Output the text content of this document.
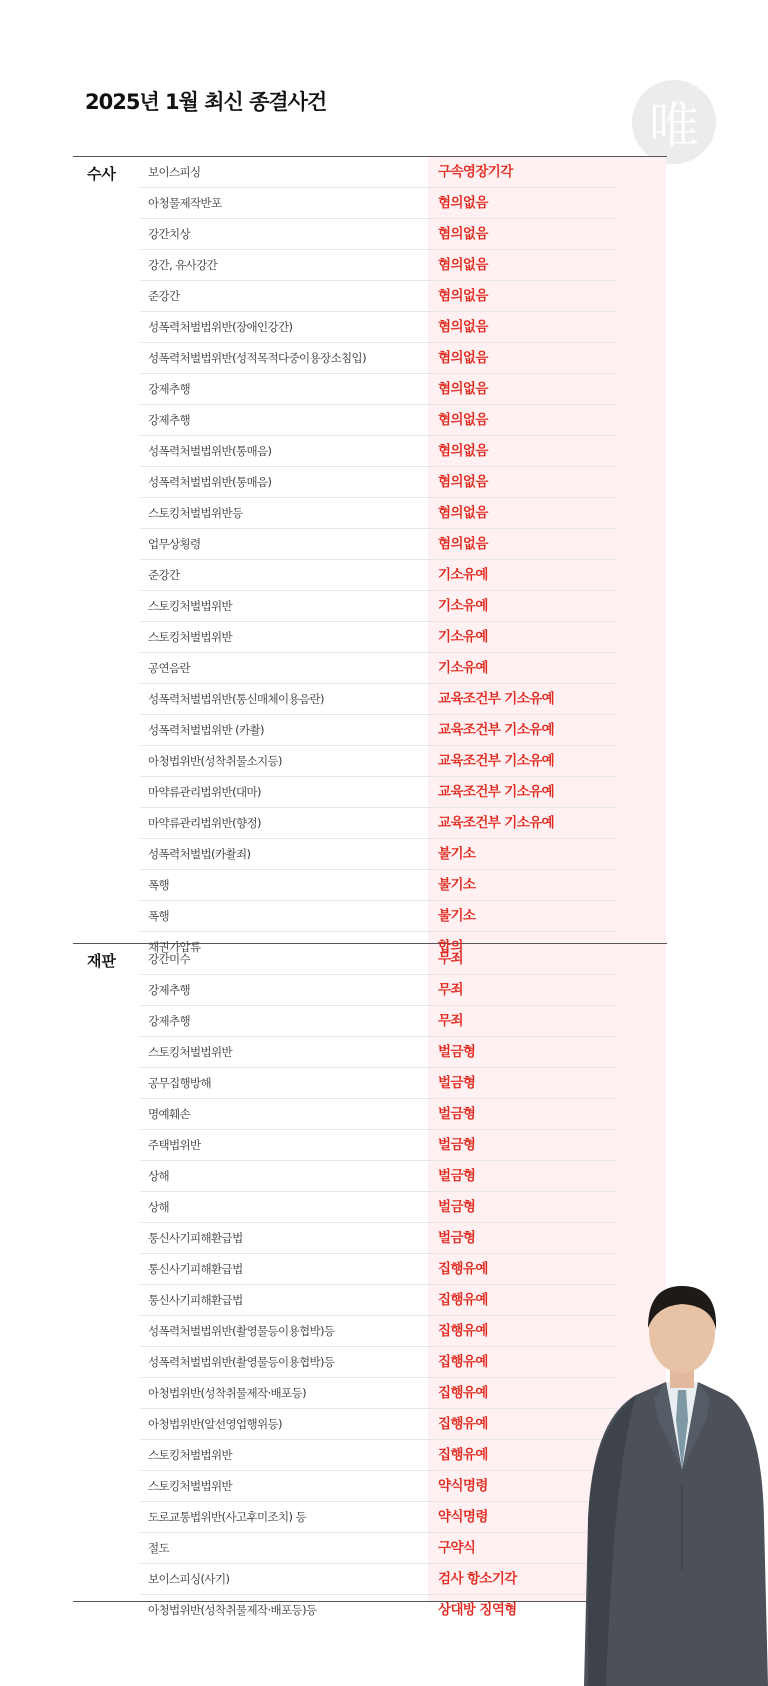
2025년 1월 최신 종결사건	唯
수사	보이스피싱	구속영장기각
아청물제작반포	혐의없음
강간치상	혐의없음
강간, 유사강간	혐의없음
준강간	혐의없음
성폭력처벌법위반(장애인강간)	혐의없음
성폭력처벌법위반(성적목적다중이용장소침입)	혐의없음
강제추행	혐의없음
강제추행	혐의없음
성폭력처벌법위반(통매음)	혐의없음
성폭력처벌법위반(통매음)	혐의없음
스토킹처벌법위반등	혐의없음
업무상횡령	혐의없음
준강간	기소유예
스토킹처벌법위반	기소유예
스토킹처벌법위반	기소유예
공연음란	기소유예
성폭력처벌법위반(통신매체이용음란)	교육조건부 기소유예
성폭력처벌법위반 (카촬)	교육조건부 기소유예
아청법위반(성착취물소지등)	교육조건부 기소유예
마약류관리법위반(대마)	교육조건부 기소유예
마약류관리법위반(향정)	교육조건부 기소유예
성폭력처벌법(카촬죄)	불기소
폭행	불기소
폭행	불기소
채권가압류	합의
재판	강간미수	무죄
강제추행	무죄
강제추행	무죄
스토킹처벌법위반	벌금형
공무집행방해	벌금형
명예훼손	벌금형
주택법위반	벌금형
상해	벌금형
상해	벌금형
통신사기피해환급법	벌금형
통신사기피해환급법	집행유예
통신사기피해환급법	집행유예
성폭력처벌법위반(촬영물등이용협박)등	집행유예
성폭력처벌법위반(촬영물등이용협박)등	집행유예
아청법위반(성착취물제작·배포등)	집행유예
아청법위반(알선영업행위등)	집행유예
스토킹처벌법위반	집행유예
스토킹처벌법위반	약식명령
도로교통법위반(사고후미조치) 등	약식명령
절도	구약식
보이스피싱(사기)	검사 항소기각
아청법위반(성착취물제작·배포등)등	상대방 징역형
